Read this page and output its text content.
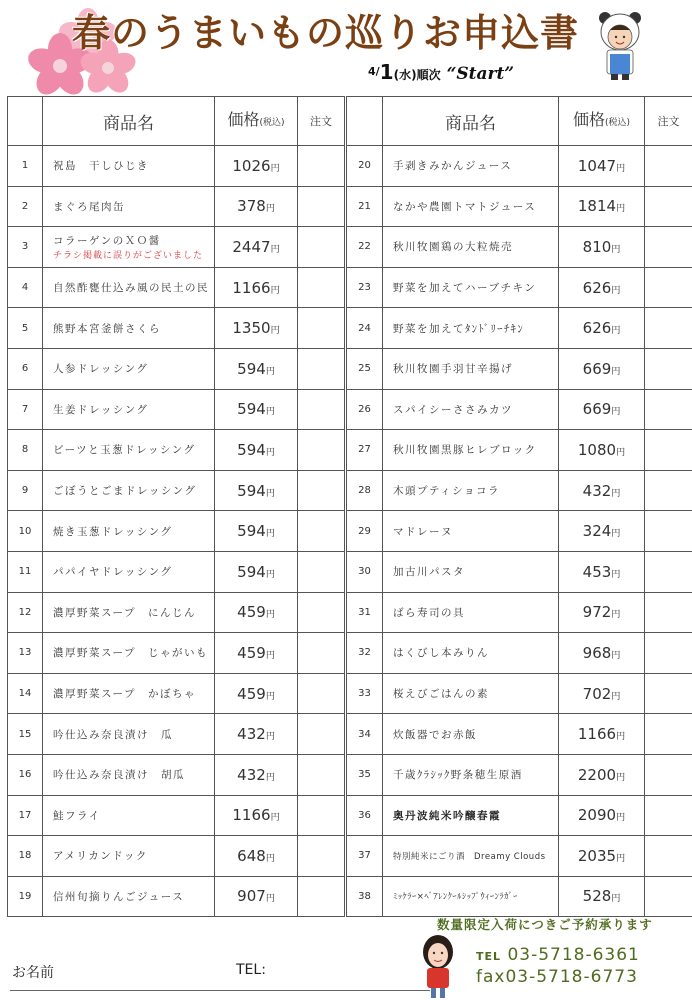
春のうまいもの巡りお申込書
$^{4/}$1(水)順次 “Start”
	商品名	価格(税込)	注文
1	祝島　干しひじき	1026円	
2	まぐろ尾肉缶	378円	
3	コラーゲンのＸＯ醤
チラシ掲載に誤りがございました	2447円	
4	自然酢甕仕込み風の民土の民	1166円	
5	熊野本宮釜餅さくら	1350円	
6	人参ドレッシング	594円	
7	生姜ドレッシング	594円	
8	ビーツと玉葱ドレッシング	594円	
9	ごぼうとごまドレッシング	594円	
10	焼き玉葱ドレッシング	594円	
11	パパイヤドレッシング	594円	
12	濃厚野菜スープ　にんじん	459円	
13	濃厚野菜スープ　じゃがいも	459円	
14	濃厚野菜スープ　かぼちゃ	459円	
15	吟仕込み奈良漬け　瓜	432円	
16	吟仕込み奈良漬け　胡瓜	432円	
17	鮭フライ	1166円	
18	アメリカンドック	648円	
19	信州旬摘りんごジュース	907円	
	商品名	価格(税込)	注文
20	手剥きみかんジュース	1047円	
21	なかや農園トマトジュース	1814円	
22	秋川牧園鶏の大粒焼売	810円	
23	野菜を加えてハーブチキン	626円	
24	野菜を加えてﾀﾝﾄﾞﾘｰﾁｷﾝ	626円	
25	秋川牧園手羽甘辛揚げ	669円	
26	スパイシーささみカツ	669円	
27	秋川牧園黒豚ヒレブロック	1080円	
28	木頭プティショコラ	432円	
29	マドレーヌ	324円	
30	加古川パスタ	453円	
31	ばら寿司の具	972円	
32	はくびし本みりん	968円	
33	桜えびごはんの素	702円	
34	炊飯器でお赤飯	1166円	
35	千歳ｸﾗｼｯｸ野条穂生原酒	2200円	
36	奥丹波純米吟醸春霞	2090円	
37	特別純米にごり酒　Dreamy Clouds	2035円	
38	ﾐｯｹﾗｰ×ﾍﾞｱﾚﾝｸｰﾙｼｯﾌﾟｳｨｰﾝﾗｶﾞｰ	528円	
数量限定入荷につきご予約承ります
TEL 03-5718-6361
fax03-5718-6773
お名前	TEL:
